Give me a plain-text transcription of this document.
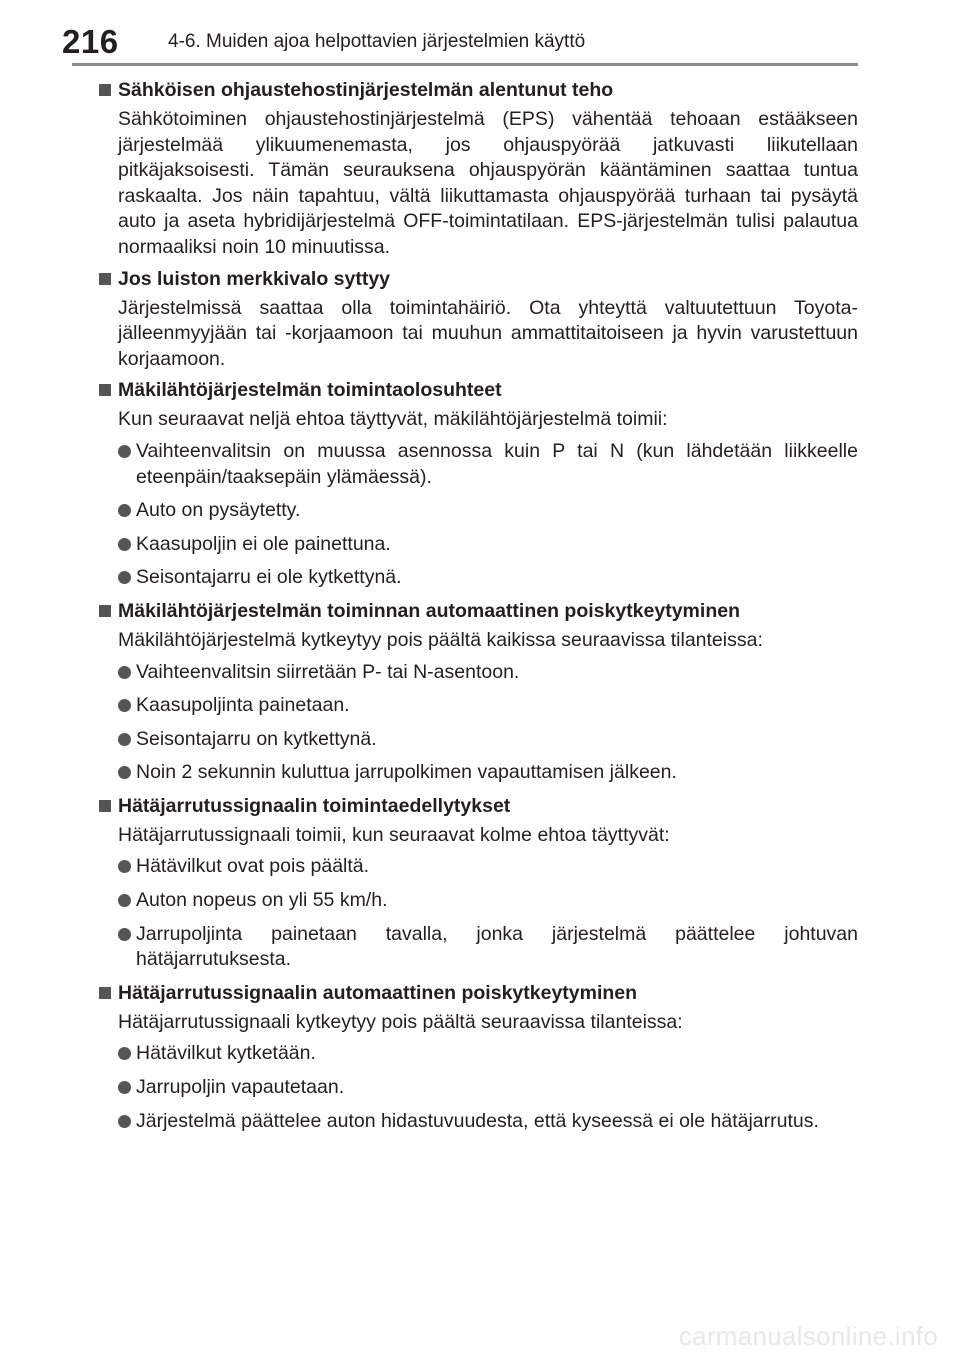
216	4-6. Muiden ajoa helpottavien järjestelmien käyttö
Sähköisen ohjaustehostinjärjestelmän alentunut teho
Sähkötoiminen ohjaustehostinjärjestelmä (EPS) vähentää tehoaan estääkseen järjestelmää ylikuumenemasta, jos ohjauspyörää jatkuvasti liikutellaan pitkäjaksoisesti. Tämän seurauksena ohjauspyörän kääntäminen saattaa tuntua raskaalta. Jos näin tapahtuu, vältä liikuttamasta ohjauspyörää turhaan tai pysäytä auto ja aseta hybridijärjestelmä OFF-toimintatilaan. EPS-järjestelmän tulisi palautua normaaliksi noin 10 minuutissa.
Jos luiston merkkivalo syttyy
Järjestelmissä saattaa olla toimintahäiriö. Ota yhteyttä valtuutettuun Toyota-jälleenmyyjään tai -korjaamoon tai muuhun ammattitaitoiseen ja hyvin varustettuun korjaamoon.
Mäkilähtöjärjestelmän toimintaolosuhteet
Kun seuraavat neljä ehtoa täyttyvät, mäkilähtöjärjestelmä toimii:
Vaihteenvalitsin on muussa asennossa kuin P tai N (kun lähdetään liikkeelle eteenpäin/taaksepäin ylämäessä).
Auto on pysäytetty.
Kaasupoljin ei ole painettuna.
Seisontajarru ei ole kytkettynä.
Mäkilähtöjärjestelmän toiminnan automaattinen poiskytkeytyminen
Mäkilähtöjärjestelmä kytkeytyy pois päältä kaikissa seuraavissa tilanteissa:
Vaihteenvalitsin siirretään P- tai N-asentoon.
Kaasupoljinta painetaan.
Seisontajarru on kytkettynä.
Noin 2 sekunnin kuluttua jarrupolkimen vapauttamisen jälkeen.
Hätäjarrutussignaalin toimintaedellytykset
Hätäjarrutussignaali toimii, kun seuraavat kolme ehtoa täyttyvät:
Hätävilkut ovat pois päältä.
Auton nopeus on yli 55 km/h.
Jarrupoljinta painetaan tavalla, jonka järjestelmä päättelee johtuvan hätäjarrutuksesta.
Hätäjarrutussignaalin automaattinen poiskytkeytyminen
Hätäjarrutussignaali kytkeytyy pois päältä seuraavissa tilanteissa:
Hätävilkut kytketään.
Jarrupoljin vapautetaan.
Järjestelmä päättelee auton hidastuvuudesta, että kyseessä ei ole hätäjarrutus.
carmanualsonline.info
